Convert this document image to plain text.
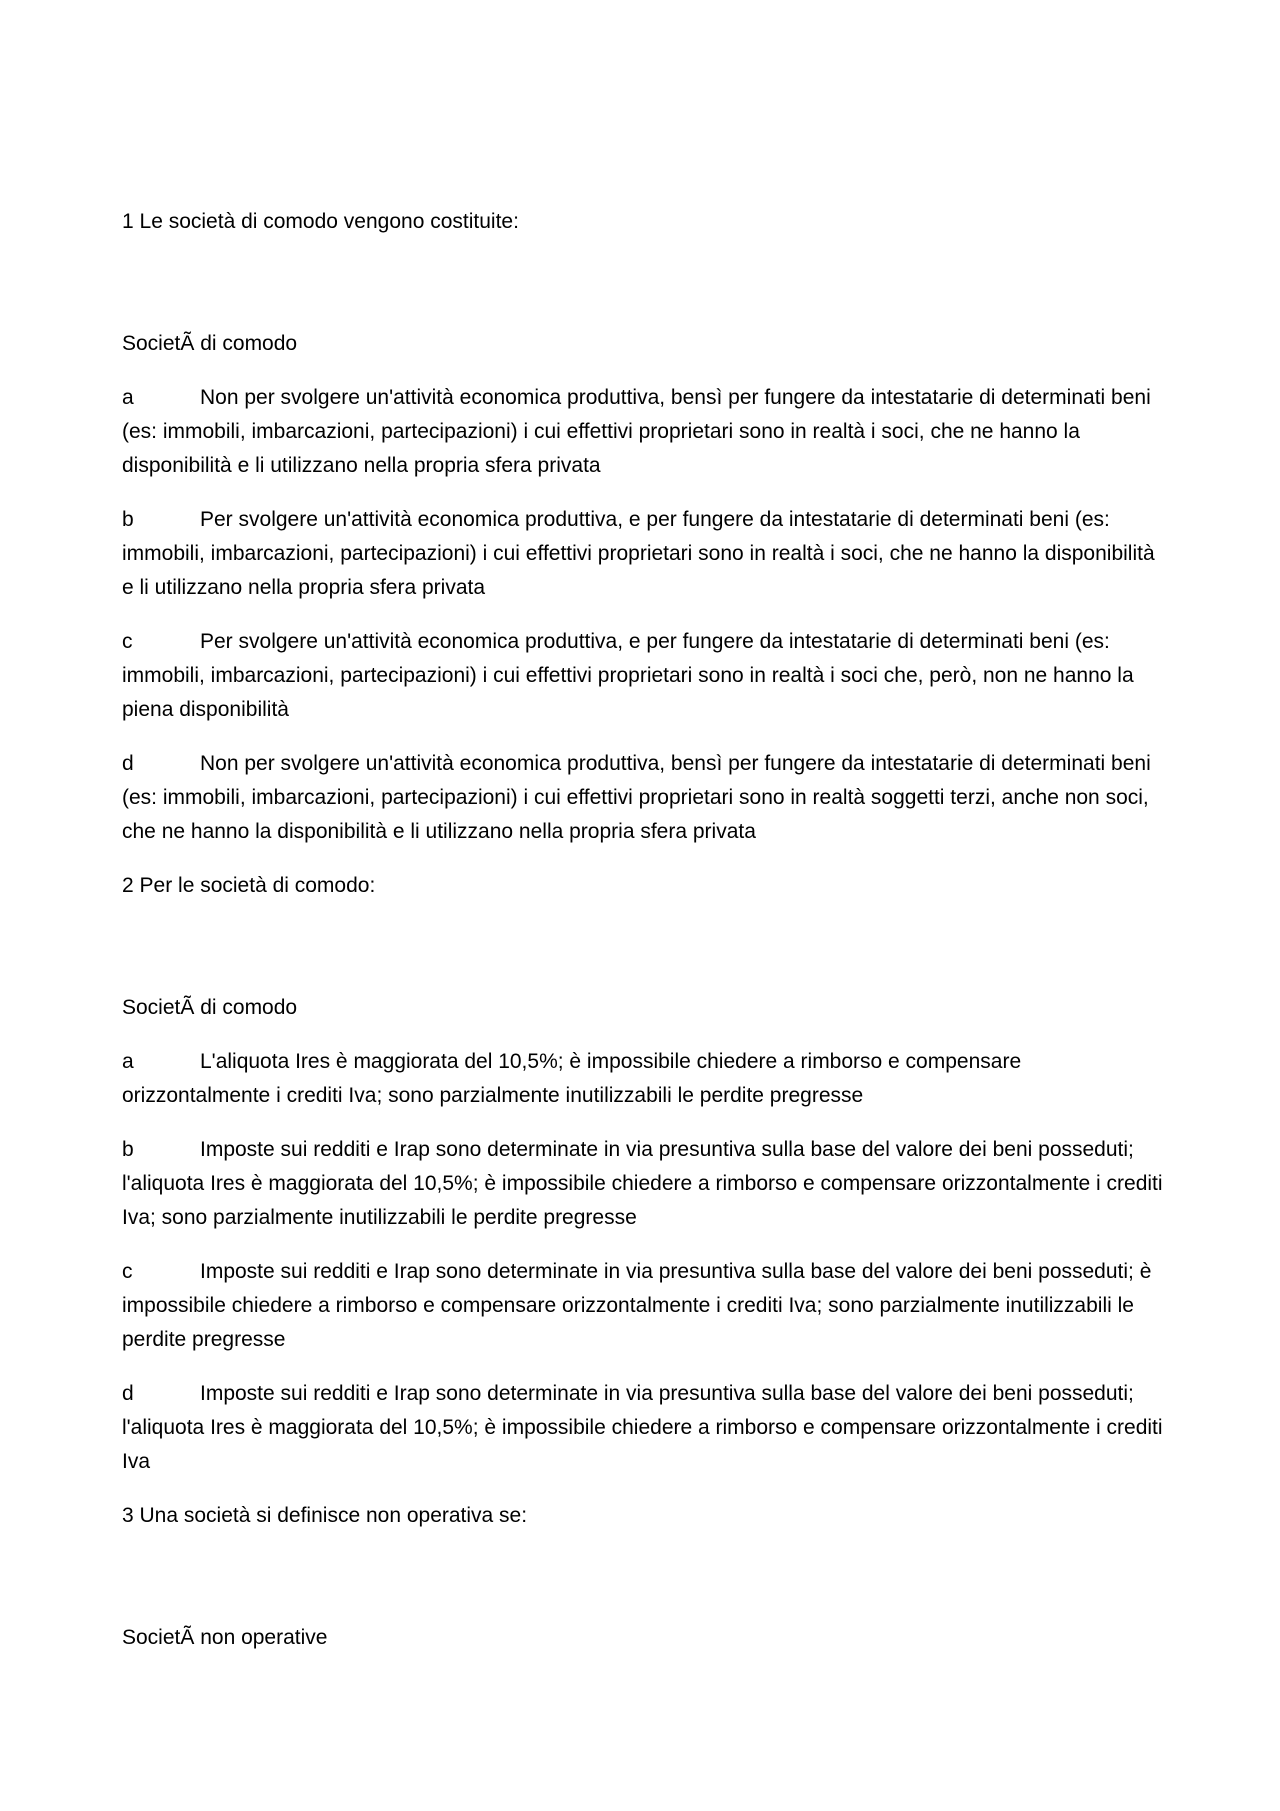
1 Le società di comodo vengono costituite:

SocietÃ di comodo

a	Non per svolgere un'attività economica produttiva, bensì per fungere da intestatarie di determinati beni (es: immobili, imbarcazioni, partecipazioni) i cui effettivi proprietari sono in realtà i soci, che ne hanno la disponibilità e li utilizzano nella propria sfera privata

b	Per svolgere un'attività economica produttiva, e per fungere da intestatarie di determinati beni (es: immobili, imbarcazioni, partecipazioni) i cui effettivi proprietari sono in realtà i soci, che ne hanno la disponibilità e li utilizzano nella propria sfera privata

c	Per svolgere un'attività economica produttiva, e per fungere da intestatarie di determinati beni (es: immobili, imbarcazioni, partecipazioni) i cui effettivi proprietari sono in realtà i soci che, però, non ne hanno la piena disponibilità

d	Non per svolgere un'attività economica produttiva, bensì per fungere da intestatarie di determinati beni (es: immobili, imbarcazioni, partecipazioni) i cui effettivi proprietari sono in realtà soggetti terzi, anche non soci, che ne hanno la disponibilità e li utilizzano nella propria sfera privata

2 Per le società di comodo:

SocietÃ di comodo

a	L'aliquota Ires è maggiorata del 10,5%; è impossibile chiedere a rimborso e compensare orizzontalmente i crediti Iva; sono parzialmente inutilizzabili le perdite pregresse

b	Imposte sui redditi e Irap sono determinate in via presuntiva sulla base del valore dei beni posseduti; l'aliquota Ires è maggiorata del 10,5%; è impossibile chiedere a rimborso e compensare orizzontalmente i crediti Iva; sono parzialmente inutilizzabili le perdite pregresse

c	Imposte sui redditi e Irap sono determinate in via presuntiva sulla base del valore dei beni posseduti; è impossibile chiedere a rimborso e compensare orizzontalmente i crediti Iva; sono parzialmente inutilizzabili le perdite pregresse

d	Imposte sui redditi e Irap sono determinate in via presuntiva sulla base del valore dei beni posseduti; l'aliquota Ires è maggiorata del 10,5%; è impossibile chiedere a rimborso e compensare orizzontalmente i crediti Iva

3 Una società si definisce non operativa se:

SocietÃ non operative
